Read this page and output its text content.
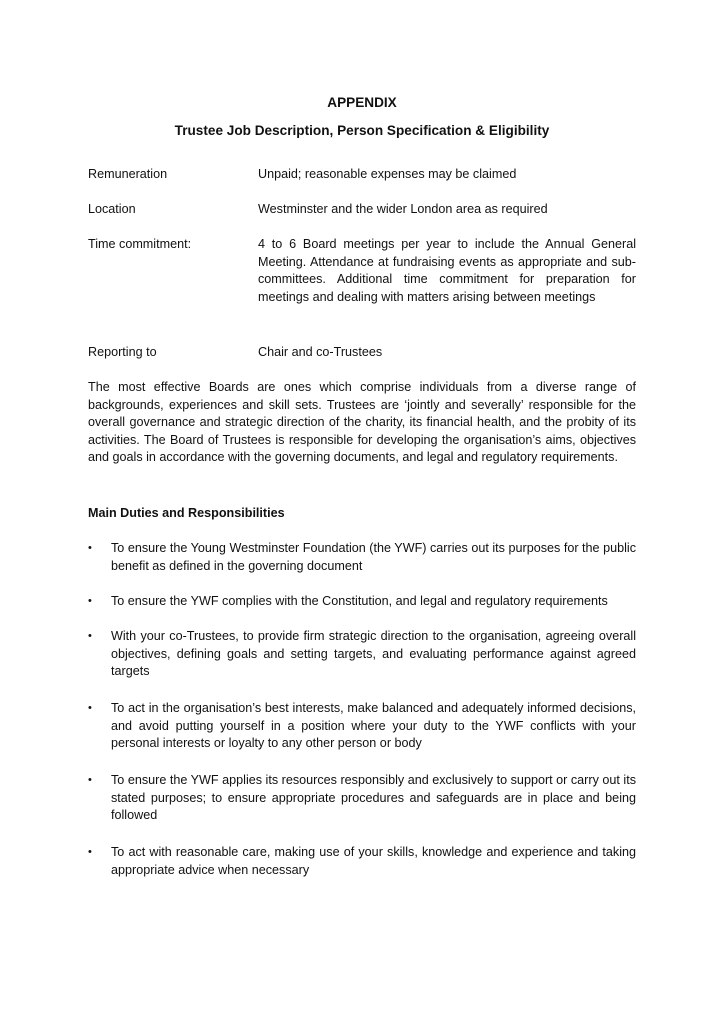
APPENDIX
Trustee Job Description, Person Specification & Eligibility
Remuneration	Unpaid; reasonable expenses may be claimed
Location	Westminster and the wider London area as required
Time commitment:	4 to 6 Board meetings per year to include the Annual General Meeting. Attendance at fundraising events as appropriate and sub-committees. Additional time commitment for preparation for meetings and dealing with matters arising between meetings
Reporting to	Chair and co-Trustees
The most effective Boards are ones which comprise individuals from a diverse range of backgrounds, experiences and skill sets. Trustees are ‘jointly and severally’ responsible for the overall governance and strategic direction of the charity, its financial health, and the probity of its activities. The Board of Trustees is responsible for developing the organisation’s aims, objectives and goals in accordance with the governing documents, and legal and regulatory requirements.
Main Duties and Responsibilities
•	To ensure the Young Westminster Foundation (the YWF) carries out its purposes for the public benefit as defined in the governing document
•	To ensure the YWF complies with the Constitution, and legal and regulatory requirements
•	With your co-Trustees, to provide firm strategic direction to the organisation, agreeing overall objectives, defining goals and setting targets, and evaluating performance against agreed targets
•	To act in the organisation’s best interests, make balanced and adequately informed decisions, and avoid putting yourself in a position where your duty to the YWF conflicts with your personal interests or loyalty to any other person or body
•	To ensure the YWF applies its resources responsibly and exclusively to support or carry out its stated purposes; to ensure appropriate procedures and safeguards are in place and being followed
•	To act with reasonable care, making use of your skills, knowledge and experience and taking appropriate advice when necessary
